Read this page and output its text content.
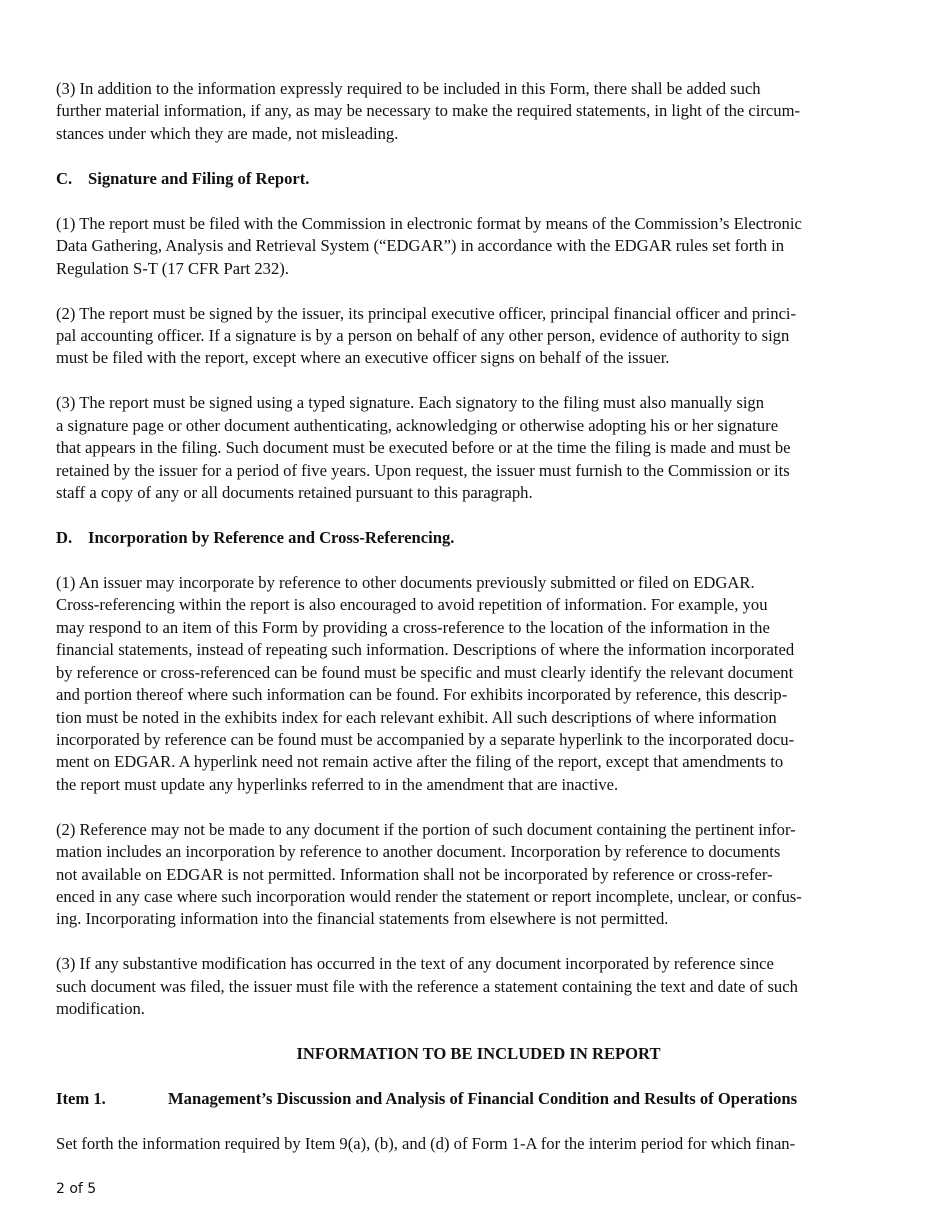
(3) In addition to the information expressly required to be included in this Form, there shall be added such
further material information, if any, as may be necessary to make the required statements, in light of the circum-
stances under which they are made, not misleading.

C. Signature and Filing of Report.

(1) The report must be filed with the Commission in electronic format by means of the Commission’s Electronic
Data Gathering, Analysis and Retrieval System (“EDGAR”) in accordance with the EDGAR rules set forth in
Regulation S-T (17 CFR Part 232).

(2) The report must be signed by the issuer, its principal executive officer, principal financial officer and princi-
pal accounting officer. If a signature is by a person on behalf of any other person, evidence of authority to sign
must be filed with the report, except where an executive officer signs on behalf of the issuer.

(3) The report must be signed using a typed signature. Each signatory to the filing must also manually sign
a signature page or other document authenticating, acknowledging or otherwise adopting his or her signature
that appears in the filing. Such document must be executed before or at the time the filing is made and must be
retained by the issuer for a period of five years. Upon request, the issuer must furnish to the Commission or its
staff a copy of any or all documents retained pursuant to this paragraph.

D. Incorporation by Reference and Cross-Referencing.

(1) An issuer may incorporate by reference to other documents previously submitted or filed on EDGAR.
Cross-referencing within the report is also encouraged to avoid repetition of information. For example, you
may respond to an item of this Form by providing a cross-reference to the location of the information in the
financial statements, instead of repeating such information. Descriptions of where the information incorporated
by reference or cross-referenced can be found must be specific and must clearly identify the relevant document
and portion thereof where such information can be found. For exhibits incorporated by reference, this descrip-
tion must be noted in the exhibits index for each relevant exhibit. All such descriptions of where information
incorporated by reference can be found must be accompanied by a separate hyperlink to the incorporated docu-
ment on EDGAR. A hyperlink need not remain active after the filing of the report, except that amendments to
the report must update any hyperlinks referred to in the amendment that are inactive.

(2) Reference may not be made to any document if the portion of such document containing the pertinent infor-
mation includes an incorporation by reference to another document. Incorporation by reference to documents
not available on EDGAR is not permitted. Information shall not be incorporated by reference or cross-refer-
enced in any case where such incorporation would render the statement or report incomplete, unclear, or confus-
ing. Incorporating information into the financial statements from elsewhere is not permitted.

(3) If any substantive modification has occurred in the text of any document incorporated by reference since
such document was filed, the issuer must file with the reference a statement containing the text and date of such
modification.

INFORMATION TO BE INCLUDED IN REPORT
Item 1.	Management’s Discussion and Analysis of Financial Condition and Results of Operations

Set forth the information required by Item 9(a), (b), and (d) of Form 1-A for the interim period for which finan-

2 of 5
